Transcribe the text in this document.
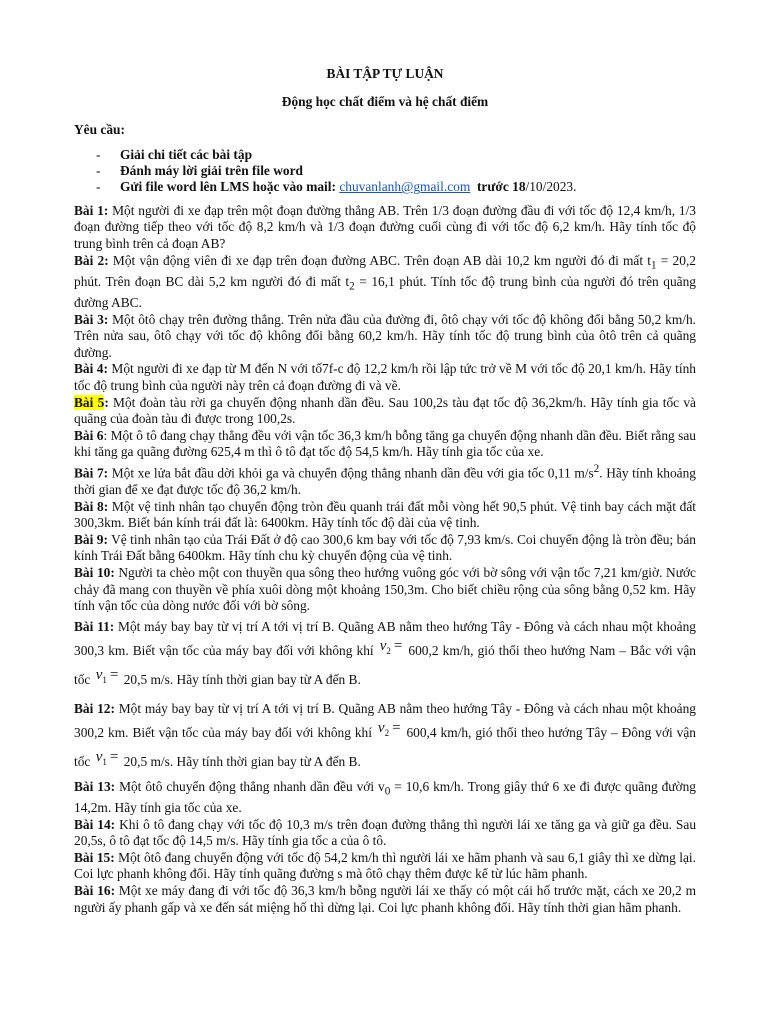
BÀI TẬP TỰ LUẬN
Động học chất điểm và hệ chất điểm
Yêu cầu:
- Giải chi tiết các bài tập
- Đánh máy lời giải trên file word
- Gửi file word lên LMS hoặc vào mail: chuvanlanh@gmail.com trước 18/10/2023.

Bài 1: Một người đi xe đạp trên một đoạn đường thẳng AB. Trên 1/3 đoạn đường đầu đi với tốc độ 12,4 km/h, 1/3 đoạn đường tiếp theo với tốc độ 8,2 km/h và 1/3 đoạn đường cuối cùng đi với tốc độ 6,2 km/h. Hãy tính tốc độ trung bình trên cả đoạn AB?

Bài 2: Một vận động viên đi xe đạp trên đoạn đường ABC. Trên đoạn AB dài 10,2 km người đó đi mất $t_1 = 20,2$ phút. Trên đoạn BC dài 5,2 km người đó đi mất $t_2 = 16,1$ phút. Tính tốc độ trung bình của người đó trên quãng đường ABC.

Bài 3: Một ôtô chạy trên đường thẳng. Trên nửa đầu của đường đi, ôtô chạy với tốc độ không đổi bằng 50,2 km/h. Trên nửa sau, ôtô chạy với tốc độ không đổi bằng 60,2 km/h. Hãy tính tốc độ trung bình của ôtô trên cả quãng đường.

Bài 4: Một người đi xe đạp từ M đến N với tố7f-c độ 12,2 km/h rồi lập tức trở về M với tốc độ 20,1 km/h. Hãy tính tốc độ trung bình của người này trên cả đoạn đường đi và về.

Bài 5: Một đoàn tàu rời ga chuyển động nhanh dần đều. Sau 100,2s tàu đạt tốc độ 36,2km/h. Hãy tính gia tốc và quãng của đoàn tàu đi được trong 100,2s.

Bài 6: Một ô tô đang chạy thẳng đều với vận tốc 36,3 km/h bỗng tăng ga chuyển động nhanh dần đều. Biết rằng sau khi tăng ga quãng đường 625,4 m thì ô tô đạt tốc độ 54,5 km/h. Hãy tính gia tốc của xe.

Bài 7: Một xe lửa bắt đầu dời khỏi ga và chuyển động thẳng nhanh dần đều với gia tốc 0,11 $m/s^2$. Hãy tính khoảng thời gian để xe đạt được tốc độ 36,2 km/h.

Bài 8: Một vệ tinh nhân tạo chuyển động tròn đều quanh trái đất mỗi vòng hết 90,5 phút. Vệ tinh bay cách mặt đất 300,3km. Biết bán kính trái đất là: 6400km. Hãy tính tốc độ dài của vệ tinh.

Bài 9: Vệ tinh nhân tạo của Trái Đất ở độ cao 300,6 km bay với tốc độ 7,93 km/s. Coi chuyển động là tròn đều; bán kính Trái Đất bằng 6400km. Hãy tính chu kỳ chuyển động của vệ tinh.

Bài 10: Người ta chèo một con thuyền qua sông theo hướng vuông góc với bờ sông với vận tốc 7,21 km/giờ. Nước chảy đã mang con thuyền về phía xuôi dòng một khoảng 150,3m. Cho biết chiều rộng của sông bằng 0,52 km. Hãy tính vận tốc của dòng nước đối với bờ sông.

Bài 11: Một máy bay bay từ vị trí A tới vị trí B. Quãng AB nằm theo hướng Tây - Đông và cách nhau một khoảng 300,3 km. Biết vận tốc của máy bay đối với không khí $v_2 = 600,2$ km/h, gió thổi theo hướng Nam – Bắc với vận tốc $v_1 = 20,5$ m/s. Hãy tính thời gian bay từ A đến B.

Bài 12: Một máy bay bay từ vị trí A tới vị trí B. Quãng AB nằm theo hướng Tây - Đông và cách nhau một khoảng 300,2 km. Biết vận tốc của máy bay đối với không khí $v_2 = 600,4$ km/h, gió thổi theo hướng Tây – Đông với vận tốc $v_1 = 20,5$ m/s. Hãy tính thời gian bay từ A đến B.

Bài 13: Một ôtô chuyển động thẳng nhanh dần đều với $v_0 = 10,6$ km/h. Trong giây thứ 6 xe đi được quãng đường 14,2m. Hãy tính gia tốc của xe.

Bài 14: Khi ô tô đang chạy với tốc độ 10,3 m/s trên đoạn đường thẳng thì người lái xe tăng ga và giữ ga đều. Sau 20,5s, ô tô đạt tốc độ 14,5 m/s. Hãy tính gia tốc a của ô tô.

Bài 15: Một ôtô đang chuyển động với tốc độ 54,2 km/h thì người lái xe hãm phanh và sau 6,1 giây thì xe dừng lại. Coi lực phanh không đổi. Hãy tính quãng đường s mà ôtô chạy thêm được kể từ lúc hãm phanh.

Bài 16: Một xe máy đang đi với tốc độ 36,3 km/h bỗng người lái xe thấy có một cái hố trước mặt, cách xe 20,2 m người ấy phanh gấp và xe đến sát miệng hố thì dừng lại. Coi lực phanh không đổi. Hãy tính thời gian hãm phanh.
